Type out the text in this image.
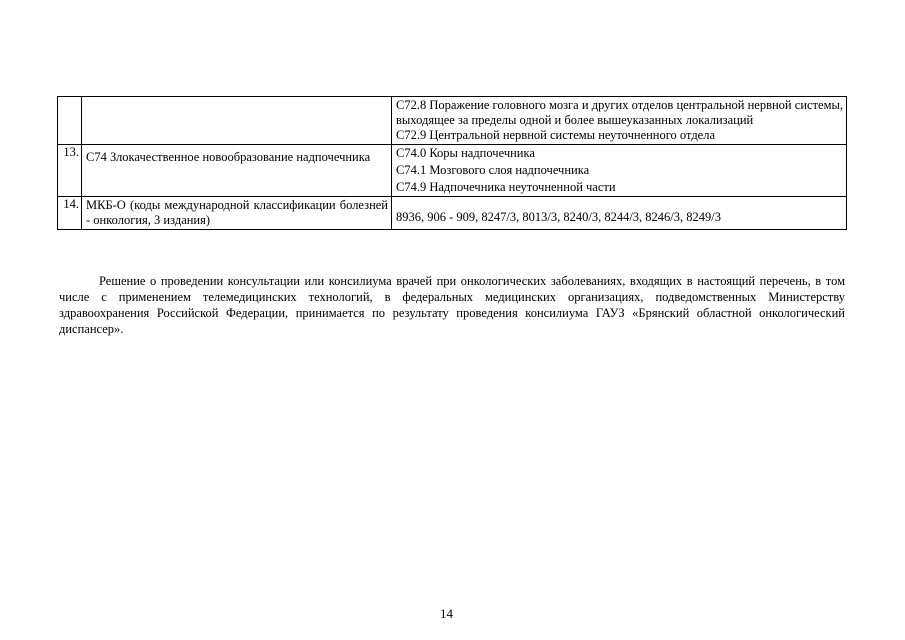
		С72.8 Поражение головного мозга и других отделов центральной нервной системы, выходящее за пределы одной и более вышеуказанных локализаций
С72.9 Центральной нервной системы неуточненного отдела

13.	С74 Злокачественное новообразование надпочечника	С74.0 Коры надпочечника
С74.1 Мозгового слоя надпочечника
С74.9 Надпочечника неуточненной части

14.	МКБ-О (коды международной классификации болезней - онкология, 3 издания)	8936, 906 - 909, 8247/3, 8013/3, 8240/3, 8244/3, 8246/3, 8249/3
Решение о проведении консультации или консилиума врачей при онкологических заболеваниях, входящих в настоящий перечень, в том числе с применением телемедицинских технологий, в федеральных медицинских организациях, подведомственных Министерству здравоохранения Российской Федерации, принимается по результату проведения консилиума ГАУЗ «Брянский областной онкологический диспансер».
14
